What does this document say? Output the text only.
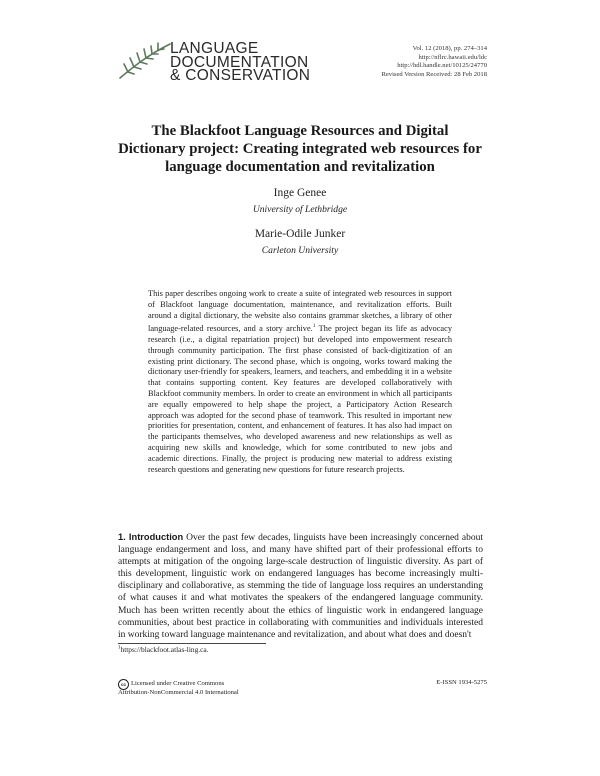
LANGUAGE
DOCUMENTATION
& CONSERVATION
Vol. 12 (2018), pp. 274–314
http://nflrc.hawaii.edu/ldc
http://hdl.handle.net/10125/24770
Revised Version Received: 28 Feb 2018
The Blackfoot Language Resources and Digital
Dictionary project: Creating integrated web resources for
language documentation and revitalization
Inge Genee
University of Lethbridge
Marie-Odile Junker
Carleton University
This paper describes ongoing work to create a suite of integrated web resources in support of Blackfoot language documentation, maintenance, and revitalization efforts. Built around a digital dictionary, the website also contains grammar sketches, a library of other language-related resources, and a story archive.$^1$ The project began its life as advocacy research (i.e., a digital repatriation project) but developed into empowerment research through community participation. The first phase consisted of back-digitization of an existing print dictionary. The second phase, which is ongoing, works toward making the dictionary user-friendly for speakers, learners, and teachers, and embedding it in a website that contains supporting content. Key features are developed collaboratively with Blackfoot community members. In order to create an environment in which all participants are equally empowered to help shape the project, a Participatory Action Research approach was adopted for the second phase of teamwork. This resulted in important new priorities for presentation, content, and enhancement of features. It has also had impact on the participants themselves, who developed awareness and new relationships as well as acquiring new skills and knowledge, which for some contributed to new jobs and academic directions. Finally, the project is producing new material to address existing research questions and generating new questions for future research projects.
1. Introduction Over the past few decades, linguists have been increasingly concerned about language endangerment and loss, and many have shifted part of their professional efforts to attempts at mitigation of the ongoing large-scale destruction of linguistic diversity. As part of this development, linguistic work on endangered languages has become increasingly multi-disciplinary and collaborative, as stemming the tide of language loss requires an understanding of what causes it and what motivates the speakers of the endangered language community. Much has been written recently about the ethics of linguistic work in endangered language communities, about best practice in collaborating with communities and individuals interested in working toward language maintenance and revitalization, and about what does and doesn't
$^1$https://blackfoot.atlas-ling.ca.
cc Licensed under Creative Commons
Attribution-NonCommercial 4.0 International
E-ISSN 1934-5275
